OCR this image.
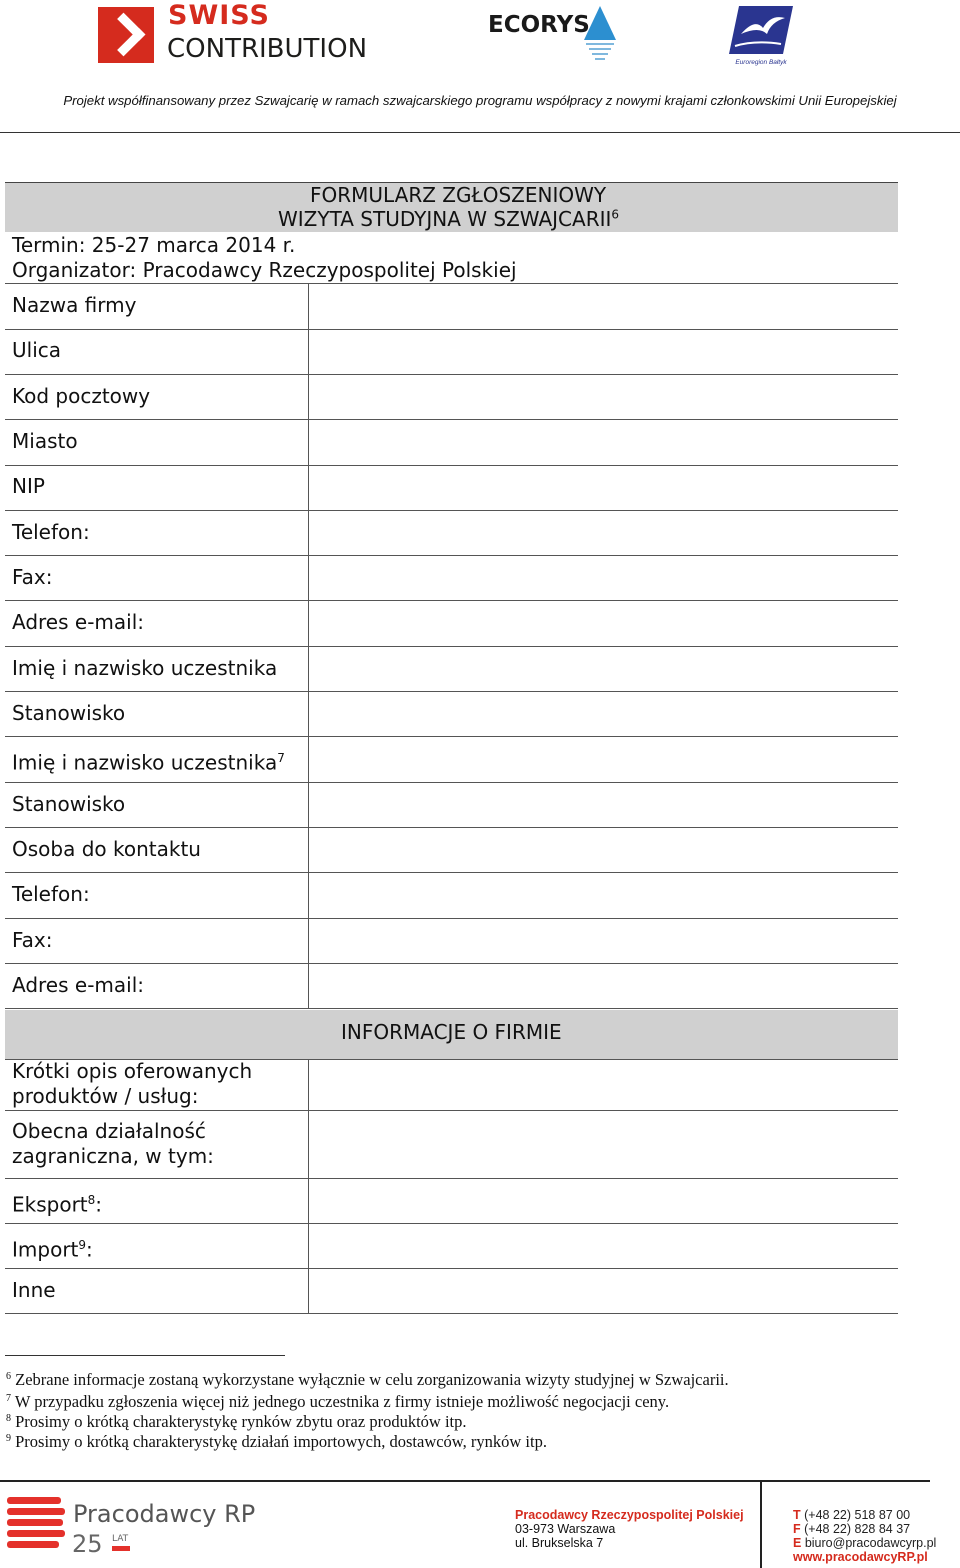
SWISS
CONTRIBUTION
ECORYS
Euroregion Bałtyk
Projekt współfinansowany przez Szwajcarię w ramach szwajcarskiego programu współpracy z nowymi krajami członkowskimi Unii Europejskiej
FORMULARZ ZGŁOSZENIOWY
WIZYTA STUDYJNA W SZWAJCARII$^6$
Termin: 25-27 marca 2014 r.
Organizator: Pracodawcy Rzeczypospolitej Polskiej
Nazwa firmy
Ulica
Kod pocztowy
Miasto
NIP
Telefon:
Fax:
Adres e-mail:
Imię i nazwisko uczestnika
Stanowisko
Imię i nazwisko uczestnika$^7$
Stanowisko
Osoba do kontaktu
Telefon:
Fax:
Adres e-mail:
INFORMACJE O FIRMIE
Krótki opis oferowanych
produktów / usług:
Obecna działalność
zagraniczna, w tym:
Eksport$^8$:
Import$^9$:
Inne
$^6$ Zebrane informacje zostaną wykorzystane wyłącznie w celu zorganizowania wizyty studyjnej w Szwajcarii.
$^7$ W przypadku zgłoszenia więcej niż jednego uczestnika z firmy istnieje możliwość negocjacji ceny.
$^8$ Prosimy o krótką charakterystykę rynków zbytu oraz produktów itp.
$^9$ Prosimy o krótką charakterystykę działań importowych, dostawców, rynków itp.
Pracodawcy RP
25 LAT
Pracodawcy Rzeczypospolitej Polskiej
03-973 Warszawa
ul. Brukselska 7
T (+48 22) 518 87 00
F (+48 22) 828 84 37
E biuro@pracodawcyrp.pl
www.pracodawcyRP.pl
